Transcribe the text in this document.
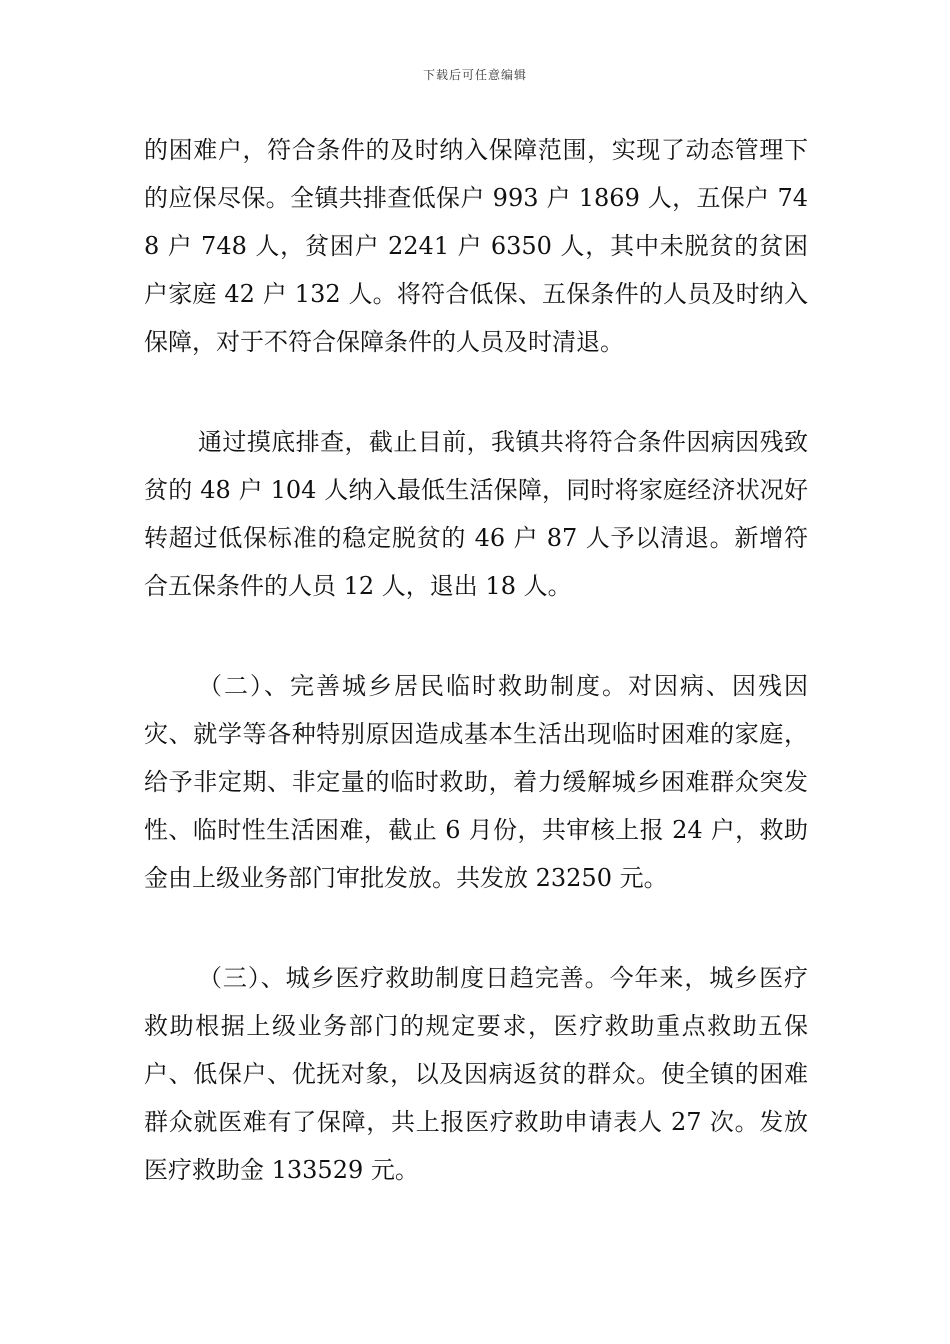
下载后可任意编辑

的困难户，符合条件的及时纳入保障范围，实现了动态管理下的应保尽保。全镇共排查低保户 993 户 1869 人，五保户 748 户 748 人，贫困户 2241 户 6350 人，其中未脱贫的贫困户家庭 42 户 132 人。将符合低保、五保条件的人员及时纳入保障，对于不符合保障条件的人员及时清退。

通过摸底排查，截止目前，我镇共将符合条件因病因残致贫的 48 户 104 人纳入最低生活保障，同时将家庭经济状况好转超过低保标准的稳定脱贫的 46 户 87 人予以清退。新增符合五保条件的人员 12 人，退出 18 人。

（二）、完善城乡居民临时救助制度。对因病、因残因灾、就学等各种特别原因造成基本生活出现临时困难的家庭，给予非定期、非定量的临时救助，着力缓解城乡困难群众突发性、临时性生活困难，截止 6 月份，共审核上报 24 户，救助金由上级业务部门审批发放。共发放 23250 元。

（三）、城乡医疗救助制度日趋完善。今年来，城乡医疗救助根据上级业务部门的规定要求，医疗救助重点救助五保户、低保户、优抚对象，以及因病返贫的群众。使全镇的困难群众就医难有了保障，共上报医疗救助申请表人 27 次。发放医疗救助金 133529 元。
